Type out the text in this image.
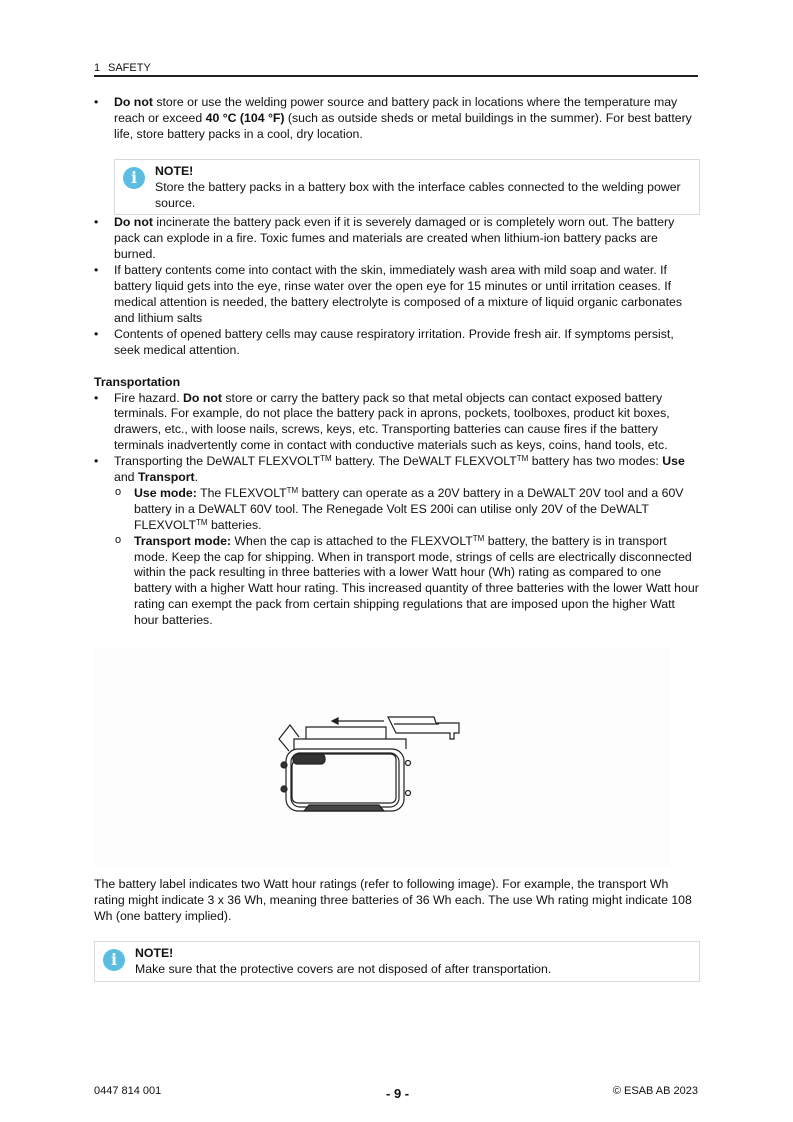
1 SAFETY

• Do not store or use the welding power source and battery pack in locations where the temperature may reach or exceed 40 °C (104 °F) (such as outside sheds or metal buildings in the summer). For best battery life, store battery packs in a cool, dry location.

i	NOTE!
Store the battery packs in a battery box with the interface cables connected to the welding power source.

• Do not incinerate the battery pack even if it is severely damaged or is completely worn out. The battery pack can explode in a fire. Toxic fumes and materials are created when lithium-ion battery packs are burned.

• If battery contents come into contact with the skin, immediately wash area with mild soap and water. If battery liquid gets into the eye, rinse water over the open eye for 15 minutes or until irritation ceases. If medical attention is needed, the battery electrolyte is composed of a mixture of liquid organic carbonates and lithium salts

• Contents of opened battery cells may cause respiratory irritation. Provide fresh air. If symptoms persist, seek medical attention.

Transportation

• Fire hazard. Do not store or carry the battery pack so that metal objects can contact exposed battery terminals. For example, do not place the battery pack in aprons, pockets, toolboxes, product kit boxes, drawers, etc., with loose nails, screws, keys, etc. Transporting batteries can cause fires if the battery terminals inadvertently come in contact with conductive materials such as keys, coins, hand tools, etc.

• Transporting the DeWALT FLEXVOLT™ battery. The DeWALT FLEXVOLT™ battery has two modes: Use and Transport.

o Use mode: The FLEXVOLT™ battery can operate as a 20V battery in a DeWALT 20V tool and a 60V battery in a DeWALT 60V tool. The Renegade Volt ES 200i can utilise only 20V of the DeWALT FLEXVOLT™ batteries.

o Transport mode: When the cap is attached to the FLEXVOLT™ battery, the battery is in transport mode. Keep the cap for shipping. When in transport mode, strings of cells are electrically disconnected within the pack resulting in three batteries with a lower Watt hour (Wh) rating as compared to one battery with a higher Watt hour rating. This increased quantity of three batteries with the lower Watt hour rating can exempt the pack from certain shipping regulations that are imposed upon the higher Watt hour batteries.

The battery label indicates two Watt hour ratings (refer to following image). For example, the transport Wh rating might indicate 3 x 36 Wh, meaning three batteries of 36 Wh each. The use Wh rating might indicate 108 Wh (one battery implied).

i	NOTE!
Make sure that the protective covers are not disposed of after transportation.
0447 814 001	- 9 -	© ESAB AB 2023
